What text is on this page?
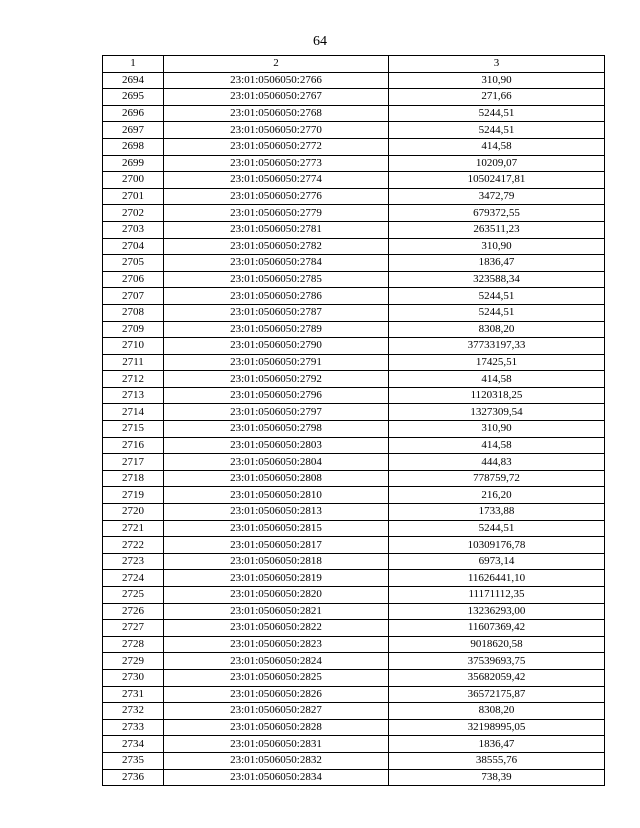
64
1	2	3
2694	23:01:0506050:2766	310,90
2695	23:01:0506050:2767	271,66
2696	23:01:0506050:2768	5244,51
2697	23:01:0506050:2770	5244,51
2698	23:01:0506050:2772	414,58
2699	23:01:0506050:2773	10209,07
2700	23:01:0506050:2774	10502417,81
2701	23:01:0506050:2776	3472,79
2702	23:01:0506050:2779	679372,55
2703	23:01:0506050:2781	263511,23
2704	23:01:0506050:2782	310,90
2705	23:01:0506050:2784	1836,47
2706	23:01:0506050:2785	323588,34
2707	23:01:0506050:2786	5244,51
2708	23:01:0506050:2787	5244,51
2709	23:01:0506050:2789	8308,20
2710	23:01:0506050:2790	37733197,33
2711	23:01:0506050:2791	17425,51
2712	23:01:0506050:2792	414,58
2713	23:01:0506050:2796	1120318,25
2714	23:01:0506050:2797	1327309,54
2715	23:01:0506050:2798	310,90
2716	23:01:0506050:2803	414,58
2717	23:01:0506050:2804	444,83
2718	23:01:0506050:2808	778759,72
2719	23:01:0506050:2810	216,20
2720	23:01:0506050:2813	1733,88
2721	23:01:0506050:2815	5244,51
2722	23:01:0506050:2817	10309176,78
2723	23:01:0506050:2818	6973,14
2724	23:01:0506050:2819	11626441,10
2725	23:01:0506050:2820	11171112,35
2726	23:01:0506050:2821	13236293,00
2727	23:01:0506050:2822	11607369,42
2728	23:01:0506050:2823	9018620,58
2729	23:01:0506050:2824	37539693,75
2730	23:01:0506050:2825	35682059,42
2731	23:01:0506050:2826	36572175,87
2732	23:01:0506050:2827	8308,20
2733	23:01:0506050:2828	32198995,05
2734	23:01:0506050:2831	1836,47
2735	23:01:0506050:2832	38555,76
2736	23:01:0506050:2834	738,39
